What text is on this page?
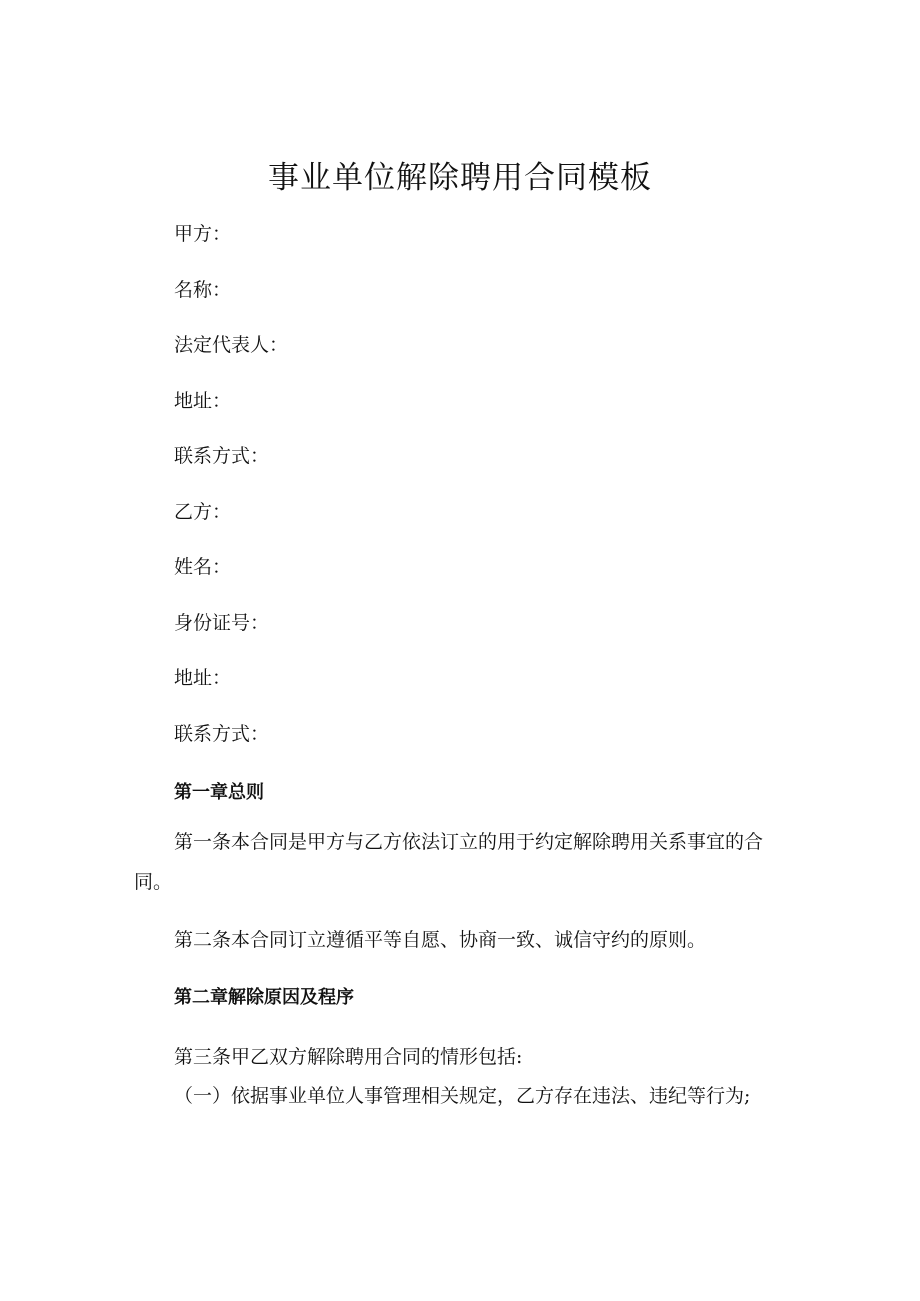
事业单位解除聘用合同模板
甲方：
名称：
法定代表人：
地址：
联系方式：
乙方：
姓名：
身份证号：
地址：
联系方式：
第一章总则
第一条本合同是甲方与乙方依法订立的用于约定解除聘用关系事宜的合同。
第二条本合同订立遵循平等自愿、协商一致、诚信守约的原则。
第二章解除原因及程序
第三条甲乙双方解除聘用合同的情形包括:
（一）依据事业单位人事管理相关规定，乙方存在违法、违纪等行为;
